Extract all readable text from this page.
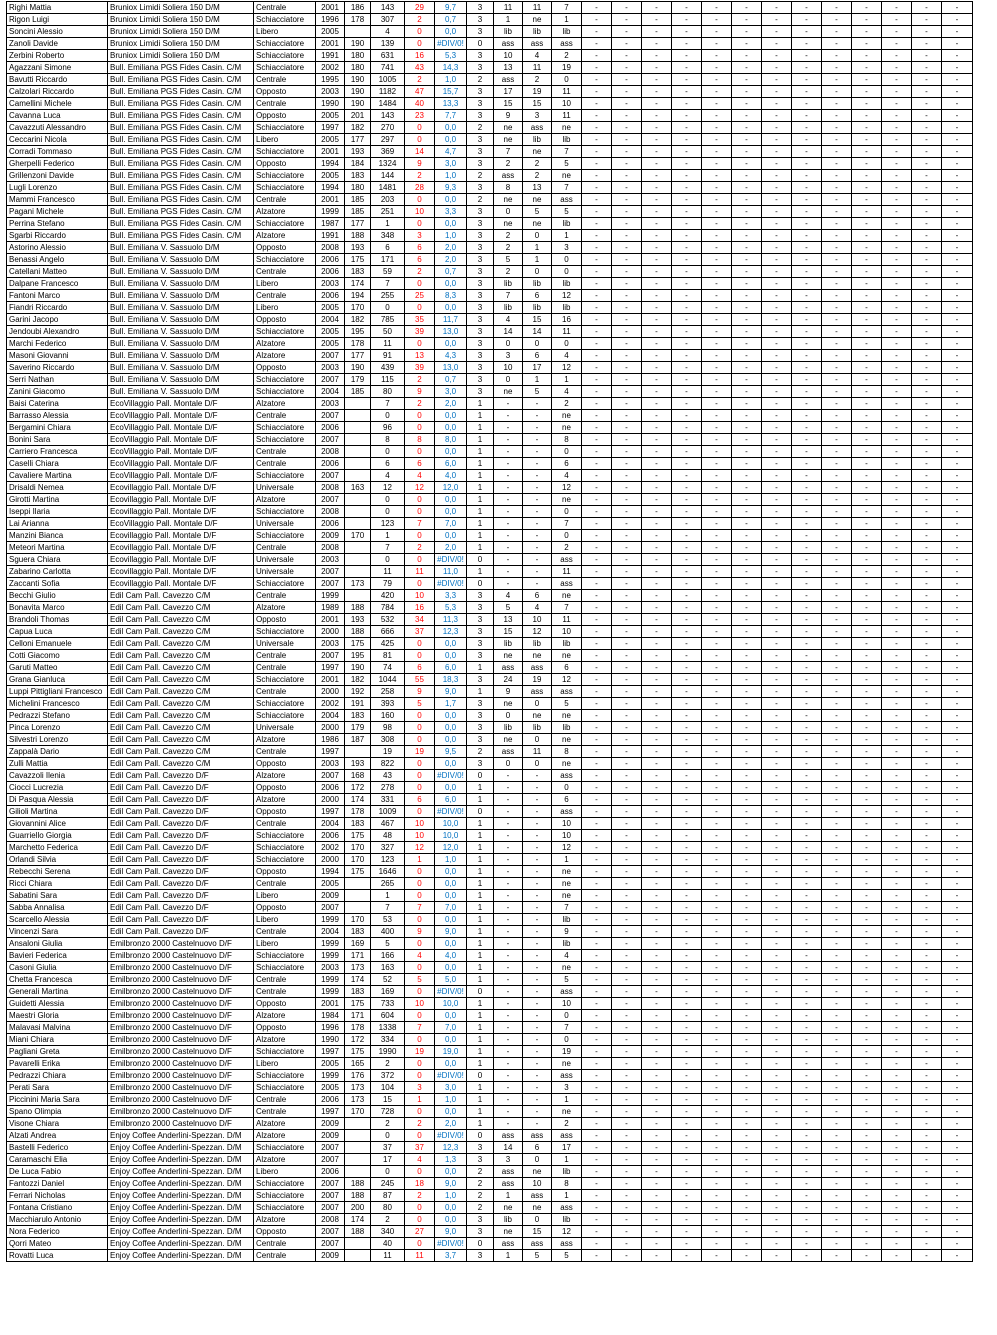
Righi Mattia	Bruniox Limidi Soliera 150 D/M	Centrale	2001	186	143	29	9,7	3	11	11	7	-	-	-	-	-	-	-	-	-	-	-	-	-
Rigon Luigi	Bruniox Limidi Soliera 150 D/M	Schiacciatore	1996	178	307	2	0,7	3	1	ne	1	-	-	-	-	-	-	-	-	-	-	-	-	-
Soncini Alessio	Bruniox Limidi Soliera 150 D/M	Libero	2005		4	0	0,0	3	lib	lib	lib	-	-	-	-	-	-	-	-	-	-	-	-	-
Zanoli Davide	Bruniox Limidi Soliera 150 D/M	Schiacciatore	2001	190	139	0	#DIV/0!	0	ass	ass	ass	-	-	-	-	-	-	-	-	-	-	-	-	-
Zerbini Roberto	Bruniox Limidi Soliera 150 D/M	Schiacciatore	1991	180	631	16	5,3	3	10	4	2	-	-	-	-	-	-	-	-	-	-	-	-	-
Agazzani Simone	Bull. Emiliana PGS Fides Casin. C/M	Schiacciatore	2002	180	741	43	14,3	3	13	11	19	-	-	-	-	-	-	-	-	-	-	-	-	-
Bavutti Riccardo	Bull. Emiliana PGS Fides Casin. C/M	Centrale	1995	190	1005	2	1,0	2	ass	2	0	-	-	-	-	-	-	-	-	-	-	-	-	-
Calzolari Riccardo	Bull. Emiliana PGS Fides Casin. C/M	Opposto	2003	190	1182	47	15,7	3	17	19	11	-	-	-	-	-	-	-	-	-	-	-	-	-
Camellini Michele	Bull. Emiliana PGS Fides Casin. C/M	Centrale	1990	190	1484	40	13,3	3	15	15	10	-	-	-	-	-	-	-	-	-	-	-	-	-
Cavanna Luca	Bull. Emiliana PGS Fides Casin. C/M	Opposto	2005	201	143	23	7,7	3	9	3	11	-	-	-	-	-	-	-	-	-	-	-	-	-
Cavazzuti Alessandro	Bull. Emiliana PGS Fides Casin. C/M	Schiacciatore	1997	182	270	0	0,0	2	ne	ass	ne	-	-	-	-	-	-	-	-	-	-	-	-	-
Ceccarini Nicola	Bull. Emiliana PGS Fides Casin. C/M	Libero	2005	177	297	0	0,0	3	ne	lib	lib	-	-	-	-	-	-	-	-	-	-	-	-	-
Corradi Tommaso	Bull. Emiliana PGS Fides Casin. C/M	Schiacciatore	2001	193	369	14	4,7	3	7	ne	7	-	-	-	-	-	-	-	-	-	-	-	-	-
Gherpelli Federico	Bull. Emiliana PGS Fides Casin. C/M	Opposto	1994	184	1324	9	3,0	3	2	2	5	-	-	-	-	-	-	-	-	-	-	-	-	-
Grillenzoni Davide	Bull. Emiliana PGS Fides Casin. C/M	Schiacciatore	2005	183	144	2	1,0	2	ass	2	ne	-	-	-	-	-	-	-	-	-	-	-	-	-
Lugli Lorenzo	Bull. Emiliana PGS Fides Casin. C/M	Schiacciatore	1994	180	1481	28	9,3	3	8	13	7	-	-	-	-	-	-	-	-	-	-	-	-	-
Mammi Francesco	Bull. Emiliana PGS Fides Casin. C/M	Centrale	2001	185	203	0	0,0	2	ne	ne	ass	-	-	-	-	-	-	-	-	-	-	-	-	-
Pagani Michele	Bull. Emiliana PGS Fides Casin. C/M	Alzatore	1999	185	251	10	3,3	3	0	5	5	-	-	-	-	-	-	-	-	-	-	-	-	-
Perrina Stefano	Bull. Emiliana PGS Fides Casin. C/M	Schiacciatore	1987	177	1	0	0,0	3	ne	ne	lib	-	-	-	-	-	-	-	-	-	-	-	-	-
Sgarbi Riccardo	Bull. Emiliana PGS Fides Casin. C/M	Alzatore	1991	188	348	3	1,0	3	2	0	1	-	-	-	-	-	-	-	-	-	-	-	-	-
Astorino Alessio	Bull. Emiliana V. Sassuolo D/M	Opposto	2008	193	6	6	2,0	3	2	1	3	-	-	-	-	-	-	-	-	-	-	-	-	-
Benassi Angelo	Bull. Emiliana V. Sassuolo D/M	Schiacciatore	2006	175	171	6	2,0	3	5	1	0	-	-	-	-	-	-	-	-	-	-	-	-	-
Catellani Matteo	Bull. Emiliana V. Sassuolo D/M	Centrale	2006	183	59	2	0,7	3	2	0	0	-	-	-	-	-	-	-	-	-	-	-	-	-
Dalpane Francesco	Bull. Emiliana V. Sassuolo D/M	Libero	2003	174	7	0	0,0	3	lib	lib	lib	-	-	-	-	-	-	-	-	-	-	-	-	-
Fantoni Marco	Bull. Emiliana V. Sassuolo D/M	Centrale	2006	194	255	25	8,3	3	7	6	12	-	-	-	-	-	-	-	-	-	-	-	-	-
Fiandri Riccardo	Bull. Emiliana V. Sassuolo D/M	Libero	2005	170	0	0	0,0	3	lib	lib	lib	-	-	-	-	-	-	-	-	-	-	-	-	-
Garini Jacopo	Bull. Emiliana V. Sassuolo D/M	Opposto	2004	182	785	35	11,7	3	4	15	16	-	-	-	-	-	-	-	-	-	-	-	-	-
Jendoubi Alexandro	Bull. Emiliana V. Sassuolo D/M	Schiacciatore	2005	195	50	39	13,0	3	14	14	11	-	-	-	-	-	-	-	-	-	-	-	-	-
Marchi Federico	Bull. Emiliana V. Sassuolo D/M	Alzatore	2005	178	11	0	0,0	3	0	0	0	-	-	-	-	-	-	-	-	-	-	-	-	-
Masoni Giovanni	Bull. Emiliana V. Sassuolo D/M	Alzatore	2007	177	91	13	4,3	3	3	6	4	-	-	-	-	-	-	-	-	-	-	-	-	-
Saverino Riccardo	Bull. Emiliana V. Sassuolo D/M	Opposto	2003	190	439	39	13,0	3	10	17	12	-	-	-	-	-	-	-	-	-	-	-	-	-
Serri Nathan	Bull. Emiliana V. Sassuolo D/M	Schiacciatore	2007	179	115	2	0,7	3	0	1	1	-	-	-	-	-	-	-	-	-	-	-	-	-
Zanini Giacomo	Bull. Emiliana V. Sassuolo D/M	Schiacciatore	2004	185	80	9	3,0	3	ne	5	4	-	-	-	-	-	-	-	-	-	-	-	-	-
Baisi Caterina	EcoVillaggio Pall. Montale D/F	Alzatore	2003		7	2	2,0	1	-	-	2	-	-	-	-	-	-	-	-	-	-	-	-	-
Barrasso Alessia	EcoVillaggio Pall. Montale D/F	Centrale	2007		0	0	0,0	1	-	-	ne	-	-	-	-	-	-	-	-	-	-	-	-	-
Bergamini Chiara	EcoVillaggio Pall. Montale D/F	Schiacciatore	2006		96	0	0,0	1	-	-	ne	-	-	-	-	-	-	-	-	-	-	-	-	-
Bonini Sara	EcoVillaggio Pall. Montale D/F	Schiacciatore	2007		8	8	8,0	1	-	-	8	-	-	-	-	-	-	-	-	-	-	-	-	-
Carriero Francesca	EcoVillaggio Pall. Montale D/F	Centrale	2008		0	0	0,0	1	-	-	0	-	-	-	-	-	-	-	-	-	-	-	-	-
Caselli Chiara	EcoVillaggio Pall. Montale D/F	Centrale	2006		6	6	6,0	1	-	-	6	-	-	-	-	-	-	-	-	-	-	-	-	-
Cavaliere Martina	EcoVillaggio Pall. Montale D/F	Schiacciatore	2007		4	4	4,0	1	-	-	4	-	-	-	-	-	-	-	-	-	-	-	-	-
Drisaldi Nemea	Ecovillaggio Pall. Montale D/F	Universale	2008	163	12	12	12,0	1	-	-	12	-	-	-	-	-	-	-	-	-	-	-	-	-
Girotti Martina	Ecovillaggio Pall. Montale D/F	Alzatore	2007		0	0	0,0	1	-	-	ne	-	-	-	-	-	-	-	-	-	-	-	-	-
Iseppi Ilaria	Ecovillaggio Pall. Montale D/F	Schiacciatore	2008		0	0	0,0	1	-	-	0	-	-	-	-	-	-	-	-	-	-	-	-	-
Lai Arianna	EcoVillaggio Pall. Montale D/F	Universale	2006		123	7	7,0	1	-	-	7	-	-	-	-	-	-	-	-	-	-	-	-	-
Manzini Bianca	Ecovillaggio Pall. Montale D/F	Schiacciatore	2009	170	1	0	0,0	1	-	-	0	-	-	-	-	-	-	-	-	-	-	-	-	-
Meteori Martina	Ecovillaggio Pall. Montale D/F	Centrale	2008		7	2	2,0	1	-	-	2	-	-	-	-	-	-	-	-	-	-	-	-	-
Sguera Chiara	Ecovillaggio Pall. Montale D/F	Universale	2003		0	0	#DIV/0!	0	-	-	ass	-	-	-	-	-	-	-	-	-	-	-	-	-
Zabarino Carlotta	Ecovillaggio Pall. Montale D/F	Universale	2007		11	11	11,0	1	-	-	11	-	-	-	-	-	-	-	-	-	-	-	-	-
Zaccanti Sofia	Ecovillaggio Pall. Montale D/F	Schiacciatore	2007	173	79	0	#DIV/0!	0	-	-	ass	-	-	-	-	-	-	-	-	-	-	-	-	-
Becchi Giulio	Edil Cam Pall. Cavezzo C/M	Centrale	1999		420	10	3,3	3	4	6	ne	-	-	-	-	-	-	-	-	-	-	-	-	-
Bonavita Marco	Edil Cam Pall. Cavezzo C/M	Alzatore	1989	188	784	16	5,3	3	5	4	7	-	-	-	-	-	-	-	-	-	-	-	-	-
Brandoli Thomas	Edil Cam Pall. Cavezzo C/M	Opposto	2001	193	532	34	11,3	3	13	10	11	-	-	-	-	-	-	-	-	-	-	-	-	-
Capua Luca	Edil Cam Pall. Cavezzo C/M	Schiacciatore	2000	188	666	37	12,3	3	15	12	10	-	-	-	-	-	-	-	-	-	-	-	-	-
Celloni Emanuele	Edil Cam Pall. Cavezzo C/M	Universale	2003	175	425	0	0,0	3	lib	lib	lib	-	-	-	-	-	-	-	-	-	-	-	-	-
Cotti Giacomo	Edil Cam Pall. Cavezzo C/M	Centrale	2007	195	81	0	0,0	3	ne	ne	ne	-	-	-	-	-	-	-	-	-	-	-	-	-
Garuti Matteo	Edil Cam Pall. Cavezzo C/M	Centrale	1997	190	74	6	6,0	1	ass	ass	6	-	-	-	-	-	-	-	-	-	-	-	-	-
Grana Gianluca	Edil Cam Pall. Cavezzo C/M	Schiacciatore	2001	182	1044	55	18,3	3	24	19	12	-	-	-	-	-	-	-	-	-	-	-	-	-
Luppi Pittigliani Francesco	Edil Cam Pall. Cavezzo C/M	Centrale	2000	192	258	9	9,0	1	9	ass	ass	-	-	-	-	-	-	-	-	-	-	-	-	-
Michelini Francesco	Edil Cam Pall. Cavezzo C/M	Schiacciatore	2002	191	393	5	1,7	3	ne	0	5	-	-	-	-	-	-	-	-	-	-	-	-	-
Pedrazzi Stefano	Edil Cam Pall. Cavezzo C/M	Schiacciatore	2004	183	160	0	0,0	3	0	ne	ne	-	-	-	-	-	-	-	-	-	-	-	-	-
Pinca Lorenzo	Edil Cam Pall. Cavezzo C/M	Universale	2000	179	98	0	0,0	3	lib	lib	lib	-	-	-	-	-	-	-	-	-	-	-	-	-
Silvestri Lorenzo	Edil Cam Pall. Cavezzo C/M	Alzatore	1986	187	308	0	0,0	3	ne	0	ne	-	-	-	-	-	-	-	-	-	-	-	-	-
Zappalà Dario	Edil Cam Pall. Cavezzo C/M	Centrale	1997		19	19	9,5	2	ass	11	8	-	-	-	-	-	-	-	-	-	-	-	-	-
Zulli Mattia	Edil Cam Pall. Cavezzo C/M	Opposto	2003	193	822	0	0,0	3	0	0	ne	-	-	-	-	-	-	-	-	-	-	-	-	-
Cavazzoli Ilenia	Edil Cam Pall. Cavezzo D/F	Alzatore	2007	168	43	0	#DIV/0!	0	-	-	ass	-	-	-	-	-	-	-	-	-	-	-	-	-
Ciocci Lucrezia	Edil Cam Pall. Cavezzo D/F	Opposto	2006	172	278	0	0,0	1	-	-	0	-	-	-	-	-	-	-	-	-	-	-	-	-
Di Pasqua Alessia	Edil Cam Pall. Cavezzo D/F	Alzatore	2000	174	331	6	6,0	1	-	-	6	-	-	-	-	-	-	-	-	-	-	-	-	-
Gilioli Martina	Edil Cam Pall. Cavezzo D/F	Opposto	1997	178	1009	0	#DIV/0!	0	-	-	ass	-	-	-	-	-	-	-	-	-	-	-	-	-
Giovannini Alice	Edil Cam Pall. Cavezzo D/F	Centrale	2004	183	467	10	10,0	1	-	-	10	-	-	-	-	-	-	-	-	-	-	-	-	-
Guarriello Giorgia	Edil Cam Pall. Cavezzo D/F	Schiacciatore	2006	175	48	10	10,0	1	-	-	10	-	-	-	-	-	-	-	-	-	-	-	-	-
Marchetto Federica	Edil Cam Pall. Cavezzo D/F	Schiacciatore	2002	170	327	12	12,0	1	-	-	12	-	-	-	-	-	-	-	-	-	-	-	-	-
Orlandi Silvia	Edil Cam Pall. Cavezzo D/F	Schiacciatore	2000	170	123	1	1,0	1	-	-	1	-	-	-	-	-	-	-	-	-	-	-	-	-
Rebecchi Serena	Edil Cam Pall. Cavezzo D/F	Opposto	1994	175	1646	0	0,0	1	-	-	ne	-	-	-	-	-	-	-	-	-	-	-	-	-
Ricci Chiara	Edil Cam Pall. Cavezzo D/F	Centrale	2005		265	0	0,0	1	-	-	ne	-	-	-	-	-	-	-	-	-	-	-	-	-
Sabatini Sara	Edil Cam Pall. Cavezzo D/F	Libero	2009		1	0	0,0	1	-	-	ne	-	-	-	-	-	-	-	-	-	-	-	-	-
Sabba Annalisa	Edil Cam Pall. Cavezzo D/F	Opposto	2007		7	7	7,0	1	-	-	7	-	-	-	-	-	-	-	-	-	-	-	-	-
Scarcello Alessia	Edil Cam Pall. Cavezzo D/F	Libero	1999	170	53	0	0,0	1	-	-	lib	-	-	-	-	-	-	-	-	-	-	-	-	-
Vincenzi Sara	Edil Cam Pall. Cavezzo D/F	Centrale	2004	183	400	9	9,0	1	-	-	9	-	-	-	-	-	-	-	-	-	-	-	-	-
Ansaloni Giulia	Emilbronzo 2000 Castelnuovo D/F	Libero	1999	169	5	0	0,0	1	-	-	lib	-	-	-	-	-	-	-	-	-	-	-	-	-
Bavieri Federica	Emilbronzo 2000 Castelnuovo D/F	Schiacciatore	1999	171	166	4	4,0	1	-	-	4	-	-	-	-	-	-	-	-	-	-	-	-	-
Casoni Giulia	Emilbronzo 2000 Castelnuovo D/F	Schiacciatore	2003	173	163	0	0,0	1	-	-	ne	-	-	-	-	-	-	-	-	-	-	-	-	-
Chetta Francesca	Emilbronzo 2000 Castelnuovo D/F	Centrale	1999	174	52	5	5,0	1	-	-	5	-	-	-	-	-	-	-	-	-	-	-	-	-
Generali Martina	Emilbronzo 2000 Castelnuovo D/F	Centrale	1999	183	169	0	#DIV/0!	0	-	-	ass	-	-	-	-	-	-	-	-	-	-	-	-	-
Guidetti Alessia	Emilbronzo 2000 Castelnuovo D/F	Opposto	2001	175	733	10	10,0	1	-	-	10	-	-	-	-	-	-	-	-	-	-	-	-	-
Maestri Gloria	Emilbronzo 2000 Castelnuovo D/F	Alzatore	1984	171	604	0	0,0	1	-	-	0	-	-	-	-	-	-	-	-	-	-	-	-	-
Malavasi Malvina	Emilbronzo 2000 Castelnuovo D/F	Opposto	1996	178	1338	7	7,0	1	-	-	7	-	-	-	-	-	-	-	-	-	-	-	-	-
Miani Chiara	Emilbronzo 2000 Castelnuovo D/F	Alzatore	1990	172	334	0	0,0	1	-	-	0	-	-	-	-	-	-	-	-	-	-	-	-	-
Pagliani Greta	Emilbronzo 2000 Castelnuovo D/F	Schiacciatore	1997	175	1990	19	19,0	1	-	-	19	-	-	-	-	-	-	-	-	-	-	-	-	-
Pavarelli Erika	Emilbronzo 2000 Castelnuovo D/F	Libero	2005	165	2	0	0,0	1	-	-	ne	-	-	-	-	-	-	-	-	-	-	-	-	-
Pedrazzi Chiara	Emilbronzo 2000 Castelnuovo D/F	Schiacciatore	1999	176	372	0	#DIV/0!	0	-	-	ass	-	-	-	-	-	-	-	-	-	-	-	-	-
Perati Sara	Emilbronzo 2000 Castelnuovo D/F	Schiacciatore	2005	173	104	3	3,0	1	-	-	3	-	-	-	-	-	-	-	-	-	-	-	-	-
Piccinini Maria Sara	Emilbronzo 2000 Castelnuovo D/F	Centrale	2006	173	15	1	1,0	1	-	-	1	-	-	-	-	-	-	-	-	-	-	-	-	-
Spano Olimpia	Emilbronzo 2000 Castelnuovo D/F	Centrale	1997	170	728	0	0,0	1	-	-	ne	-	-	-	-	-	-	-	-	-	-	-	-	-
Visone Chiara	Emilbronzo 2000 Castelnuovo D/F	Alzatore	2009		2	2	2,0	1	-	-	2	-	-	-	-	-	-	-	-	-	-	-	-	-
Alzati Andrea	Enjoy Coffee Anderlini-Spezzan. D/M	Alzatore	2009		0	0	#DIV/0!	0	ass	ass	ass	-	-	-	-	-	-	-	-	-	-	-	-	-
Bastelli Federico	Enjoy Coffee Anderlini-Spezzan. D/M	Schiacciatore	2007		37	37	12,3	3	14	6	17	-	-	-	-	-	-	-	-	-	-	-	-	-
Caramaschi Elia	Enjoy Coffee Anderlini-Spezzan. D/M	Alzatore	2007		17	4	1,3	3	3	0	1	-	-	-	-	-	-	-	-	-	-	-	-	-
De Luca Fabio	Enjoy Coffee Anderlini-Spezzan. D/M	Libero	2006		0	0	0,0	2	ass	ne	lib	-	-	-	-	-	-	-	-	-	-	-	-	-
Fantozzi Daniel	Enjoy Coffee Anderlini-Spezzan. D/M	Schiacciatore	2007	188	245	18	9,0	2	ass	10	8	-	-	-	-	-	-	-	-	-	-	-	-	-
Ferrari Nicholas	Enjoy Coffee Anderlini-Spezzan. D/M	Schiacciatore	2007	188	87	2	1,0	2	1	ass	1	-	-	-	-	-	-	-	-	-	-	-	-	-
Fontana Cristiano	Enjoy Coffee Anderlini-Spezzan. D/M	Schiacciatore	2007	200	80	0	0,0	2	ne	ne	ass	-	-	-	-	-	-	-	-	-	-	-	-	-
Macchiarulo Antonio	Enjoy Coffee Anderlini-Spezzan. D/M	Alzatore	2008	174	2	0	0,0	3	lib	0	lib	-	-	-	-	-	-	-	-	-	-	-	-	-
Nora Federico	Enjoy Coffee Anderlini-Spezzan. D/M	Opposto	2007	188	340	27	9,0	3	ne	15	12	-	-	-	-	-	-	-	-	-	-	-	-	-
Qorri Mateo	Enjoy Coffee Anderlini-Spezzan. D/M	Centrale	2007		40	0	#DIV/0!	0	ass	ass	ass	-	-	-	-	-	-	-	-	-	-	-	-	-
Rovatti Luca	Enjoy Coffee Anderlini-Spezzan. D/M	Centrale	2009		11	11	3,7	3	1	5	5	-	-	-	-	-	-	-	-	-	-	-	-	-
